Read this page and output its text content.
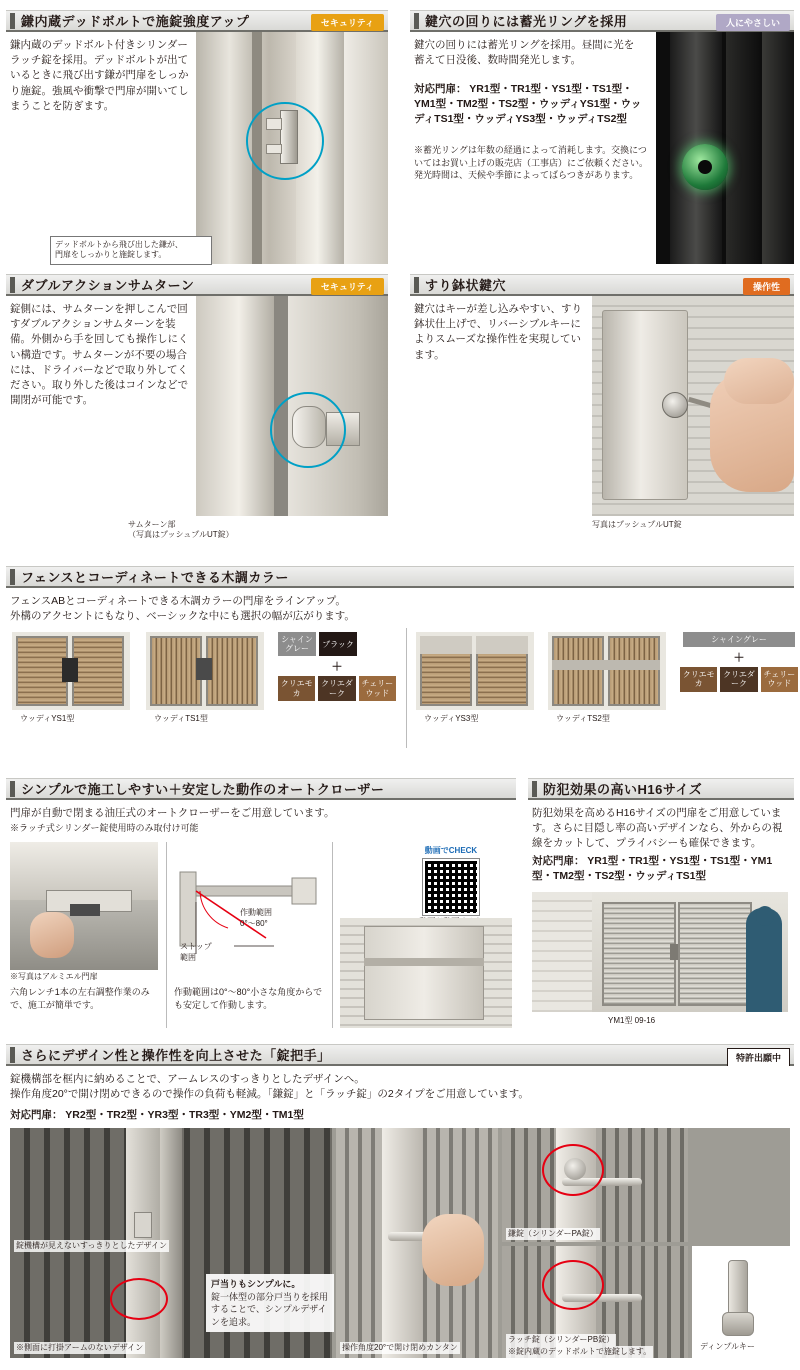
鎌内蔵デッドボルトで施錠強度アップ	セキュリティ
鎌内蔵のデッドボルト付きシリンダーラッチ錠を採用。デッドボルトが出ているときに飛び出す鎌が門扉をしっかり施錠。強風や衝撃で門扉が開いてしまうことを防ぎます。
デッドボルトから飛び出した鎌が、
門扉をしっかりと施錠します。
鍵穴の回りには蓄光リングを採用	人にやさしい
鍵穴の回りには蓄光リングを採用。昼間に光を蓄えて日没後、数時間発光します。
対応門扉： YR1型・TR1型・YS1型・TS1型・YM1型・TM2型・TS2型・ウッディYS1型・ウッディTS1型・ウッディYS3型・ウッディTS2型
※蓄光リングは年数の経過によって消耗します。交換についてはお買い上げの販売店（工事店）にご依頼ください。発光時間は、天候や季節によってばらつきがあります。
ダブルアクションサムターン	セキュリティ
錠側には、サムターンを押しこんで回すダブルアクションサムターンを装備。外側から手を回しても操作しにくい構造です。サムターンが不要の場合には、ドライバーなどで取り外してください。取り外した後はコインなどで開閉が可能です。
サムターン部
（写真はプッシュプルUT錠）
すり鉢状鍵穴	操作性
鍵穴はキーが差し込みやすい、すり鉢状仕上げで、リバーシブルキーによりスムーズな操作性を実現しています。
写真はプッシュプルUT錠
フェンスとコーディネートできる木調カラー
フェンスABとコーディネートできる木調カラーの門扉をラインアップ。
外構のアクセントにもなり、ベーシックな中にも選択の幅が広がります。
ウッディYS1型	ウッディTS1型
シャイングレー	ブラック
＋
クリエモカ
クリエダーク
チェリーウッド
ウッディYS3型	ウッディTS2型
シャイングレー
＋
クリエモカ
クリエダーク
チェリーウッド
シンプルで施工しやすい＋安定した動作のオートクローザー
門扉が自動で閉まる油圧式のオートクローザーをご用意しています。
※ラッチ式シリンダー錠使用時のみ取付け可能
※写真はアルミエル門扉
六角レンチ1本の左右調整作業のみで、施工が簡単です。
作動範囲
0°〜80°
ストップ
範囲
作動範囲は0°〜80°小さな角度からでも安定して作動します。
動画でCHECK
防犯効果の高いH16サイズ
防犯効果を高めるH16サイズの門扉をご用意しています。さらに目隠し率の高いデザインなら、外からの視線をカットして、プライバシーも確保できます。
対応門扉： YR1型・TR1型・YS1型・TS1型・YM1型・TM2型・TS2型・ウッディTS1型
YM1型 09-16
さらにデザイン性と操作性を向上させた「錠把手」	特許出願中
錠機構部を框内に納めることで、アームレスのすっきりとしたデザインへ。
操作角度20°で開け閉めできるので操作の負荷も軽減。「鎌錠」と「ラッチ錠」の2タイプをご用意しています。
対応門扉： YR2型・TR2型・YR3型・TR3型・YM2型・TM1型
戸当りもシンプルに。
錠一体型の部分戸当りを採用することで、シンプルデザインを追求。
錠機構が見えないすっきりとしたデザイン
※側面に打掛アームのないデザイン	操作角度20°で開け閉めカンタン
鎌錠（シリンダーPA錠）
ラッチ錠（シリンダーPB錠）
※錠内蔵のデッドボルトで施錠します。
ディンプルキー
